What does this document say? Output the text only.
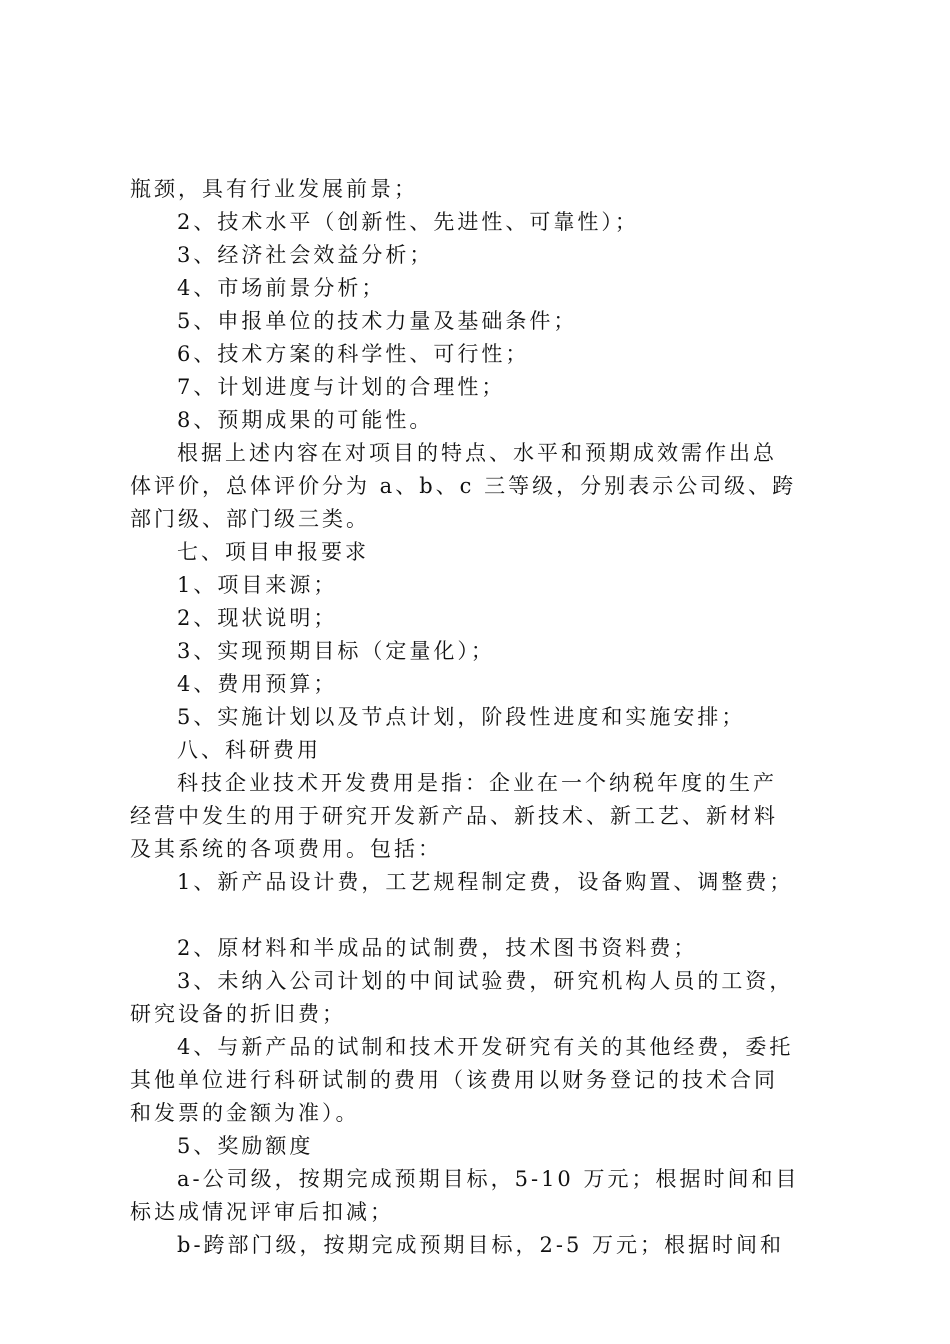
瓶颈，具有行业发展前景；
2、技术水平（创新性、先进性、可靠性）；
3、经济社会效益分析；
4、市场前景分析；
5、申报单位的技术力量及基础条件；
6、技术方案的科学性、可行性；
7、计划进度与计划的合理性；
8、预期成果的可能性。
根据上述内容在对项目的特点、水平和预期成效需作出总
体评价，总体评价分为 a、b、c 三等级，分别表示公司级、跨
部门级、部门级三类。
七、项目申报要求
1、项目来源；
2、现状说明；
3、实现预期目标（定量化）；
4、费用预算；
5、实施计划以及节点计划，阶段性进度和实施安排；
八、科研费用
科技企业技术开发费用是指：企业在一个纳税年度的生产
经营中发生的用于研究开发新产品、新技术、新工艺、新材料
及其系统的各项费用。包括：
1、新产品设计费，工艺规程制定费，设备购置、调整费；
2、原材料和半成品的试制费，技术图书资料费；
3、未纳入公司计划的中间试验费，研究机构人员的工资，
研究设备的折旧费；
4、与新产品的试制和技术开发研究有关的其他经费，委托
其他单位进行科研试制的费用（该费用以财务登记的技术合同
和发票的金额为准）。
5、奖励额度
a-公司级，按期完成预期目标，5-10 万元；根据时间和目
标达成情况评审后扣减；
b-跨部门级，按期完成预期目标，2-5 万元；根据时间和
